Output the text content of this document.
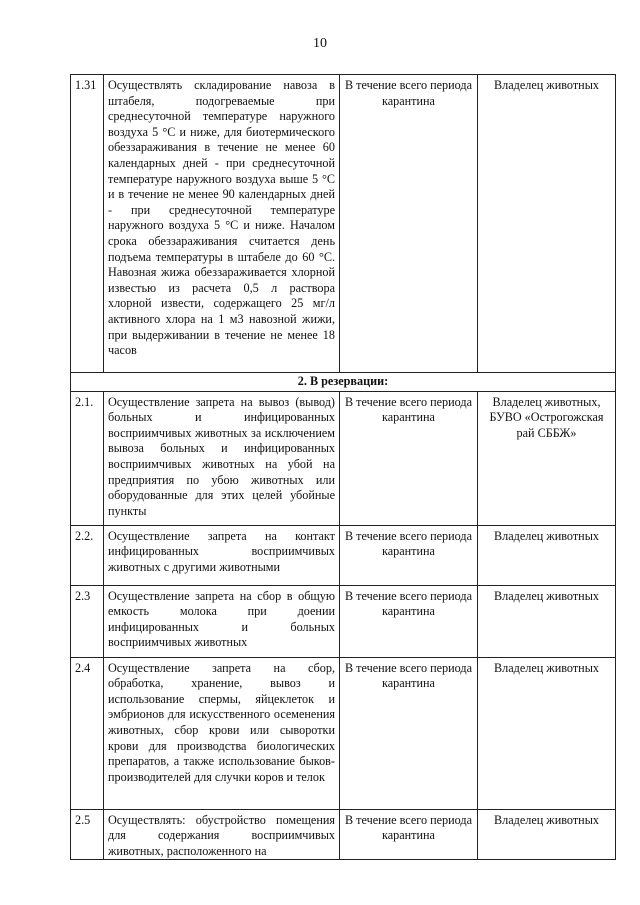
10
1.31	Осуществлять складирование навоза в штабеля, подогреваемые при среднесуточной температуре наружного воздуха 5 °С и ниже, для биотермического обеззараживания в течение не менее 60 календарных дней - при среднесуточной температуре наружного воздуха выше 5 °С и в течение не менее 90 календарных дней - при среднесуточной температуре наружного воздуха 5 °С и ниже. Началом срока обеззараживания считается день подъема температуры в штабеле до 60 °С. Навозная жижа обеззараживается хлорной известью из расчета 0,5 л раствора хлорной извести, содержащего 25 мг/л активного хлора на 1 м3 навозной жижи, при выдерживании в течение не менее 18 часов	В течение всего периода карантина	Владелец животных
2. В резервации:			
2.1.	Осуществление запрета на вывоз (вывод) больных и инфицированных восприимчивых животных за исключением вывоза больных и инфицированных восприимчивых животных на убой на предприятия по убою животных или оборудованные для этих целей убойные пункты	В течение всего периода карантина	Владелец животных, БУВО «Острогожская рай СББЖ»
2.2.	Осуществление запрета на контакт инфицированных восприимчивых животных с другими животными	В течение всего периода карантина	Владелец животных
2.3	Осуществление запрета на сбор в общую емкость молока при доении инфицированных и больных восприимчивых животных	В течение всего периода карантина	Владелец животных
2.4	Осуществление запрета на сбор, обработка, хранение, вывоз и использование спермы, яйцеклеток и эмбрионов для искусственного осеменения животных, сбор крови или сыворотки крови для производства биологических препаратов, а также использование быков-производителей для случки коров и телок	В течение всего периода карантина	Владелец животных
2.5	Осуществлять: обустройство помещения для содержания восприимчивых животных, расположенного на	В течение всего периода карантина	Владелец животных
